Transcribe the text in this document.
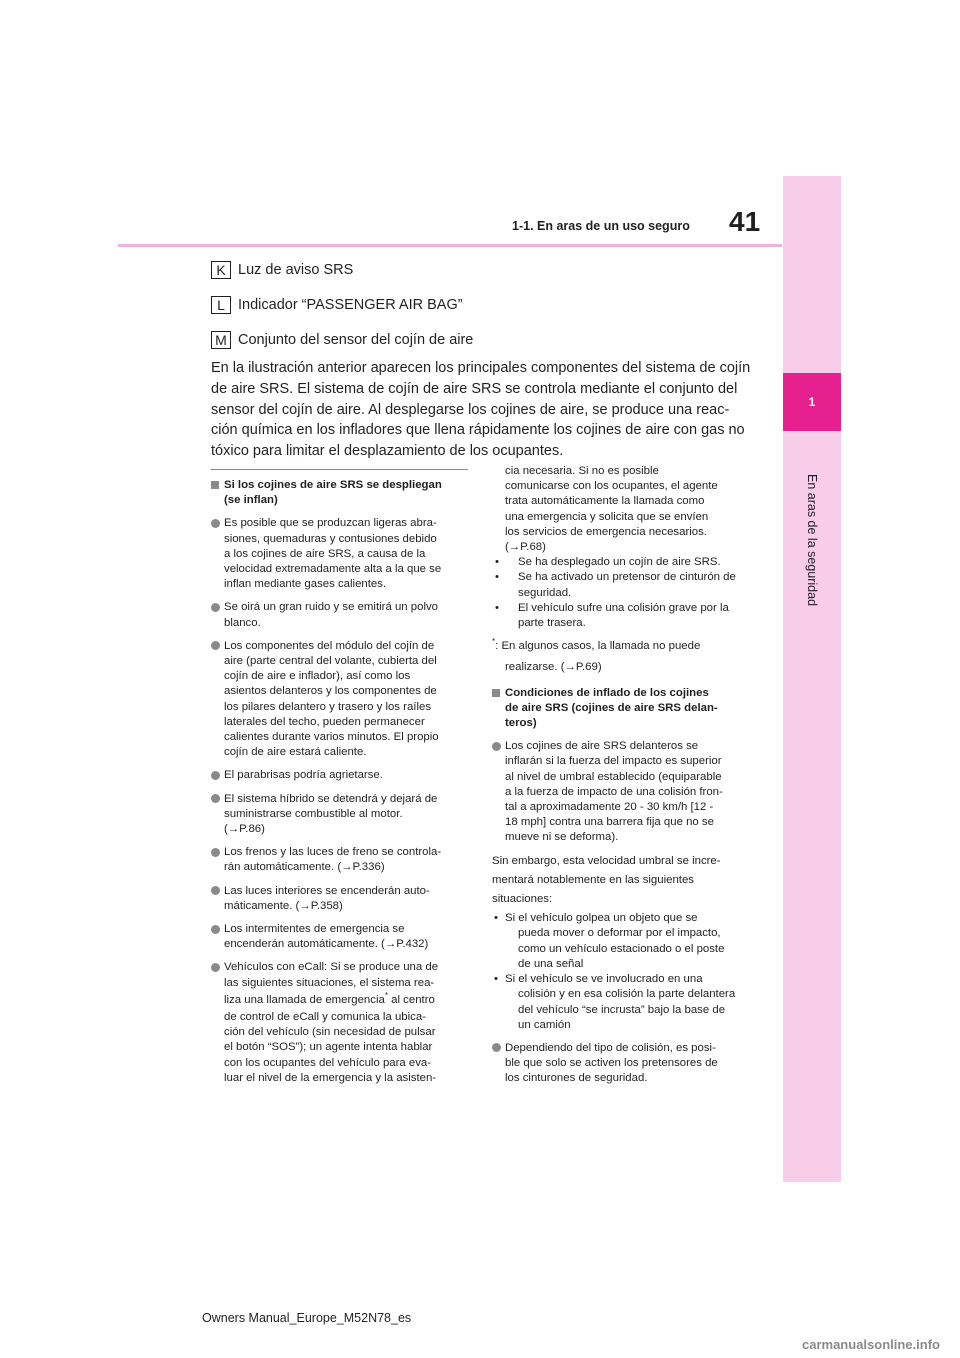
41
1-1. En aras de un uso seguro
1
En aras de la seguridad
K Luz de aviso SRS
L Indicador “PASSENGER AIR BAG”
M Conjunto del sensor del cojín de aire
En la ilustración anterior aparecen los principales componentes del sistema de cojín
de aire SRS. El sistema de cojín de aire SRS se controla mediante el conjunto del
sensor del cojín de aire. Al desplegarse los cojines de aire, se produce una reac-
ción química en los infladores que llena rápidamente los cojines de aire con gas no
tóxico para limitar el desplazamiento de los ocupantes.
Si los cojines de aire SRS se despliegan
(se inflan)
Es posible que se produzcan ligeras abra-
siones, quemaduras y contusiones debido
a los cojines de aire SRS, a causa de la
velocidad extremadamente alta a la que se
inflan mediante gases calientes.
Se oirá un gran ruido y se emitirá un polvo
blanco.
Los componentes del módulo del cojín de
aire (parte central del volante, cubierta del
cojín de aire e inflador), así como los
asientos delanteros y los componentes de
los pilares delantero y trasero y los raíles
laterales del techo, pueden permanecer
calientes durante varios minutos. El propio
cojín de aire estará caliente.
El parabrisas podría agrietarse.
El sistema híbrido se detendrá y dejará de
suministrarse combustible al motor.
(→P.86)
Los frenos y las luces de freno se controla-
rán automáticamente. (→P.336)
Las luces interiores se encenderán auto-
máticamente. (→P.358)
Los intermitentes de emergencia se
encenderán automáticamente. (→P.432)
Vehículos con eCall: Si se produce una de
las siguientes situaciones, el sistema rea-
liza una llamada de emergencia* al centro
de control de eCall y comunica la ubica-
ción del vehículo (sin necesidad de pulsar
el botón “SOS”); un agente intenta hablar
con los ocupantes del vehículo para eva-
luar el nivel de la emergencia y la asisten-
cia necesaria. Si no es posible
comunicarse con los ocupantes, el agente
trata automáticamente la llamada como
una emergencia y solicita que se envíen
los servicios de emergencia necesarios.
(→P.68)
• Se ha desplegado un cojín de aire SRS.
• Se ha activado un pretensor de cinturón de
seguridad.
• El vehículo sufre una colisión grave por la
parte trasera.
*: En algunos casos, la llamada no puede
realizarse. (→P.69)
Condiciones de inflado de los cojines
de aire SRS (cojines de aire SRS delan-
teros)
Los cojines de aire SRS delanteros se
inflarán si la fuerza del impacto es superior
al nivel de umbral establecido (equiparable
a la fuerza de impacto de una colisión fron-
tal a aproximadamente 20 - 30 km/h [12 -
18 mph] contra una barrera fija que no se
mueve ni se deforma).
Sin embargo, esta velocidad umbral se incre-
mentará notablemente en las siguientes
situaciones:
• Si el vehículo golpea un objeto que se
pueda mover o deformar por el impacto,
como un vehículo estacionado o el poste
de una señal
• Si el vehículo se ve involucrado en una
colisión y en esa colisión la parte delantera
del vehículo “se incrusta” bajo la base de
un camión
Dependiendo del tipo de colisión, es posi-
ble que solo se activen los pretensores de
los cinturones de seguridad.
Owners Manual_Europe_M52N78_es
carmanualsonline.info
